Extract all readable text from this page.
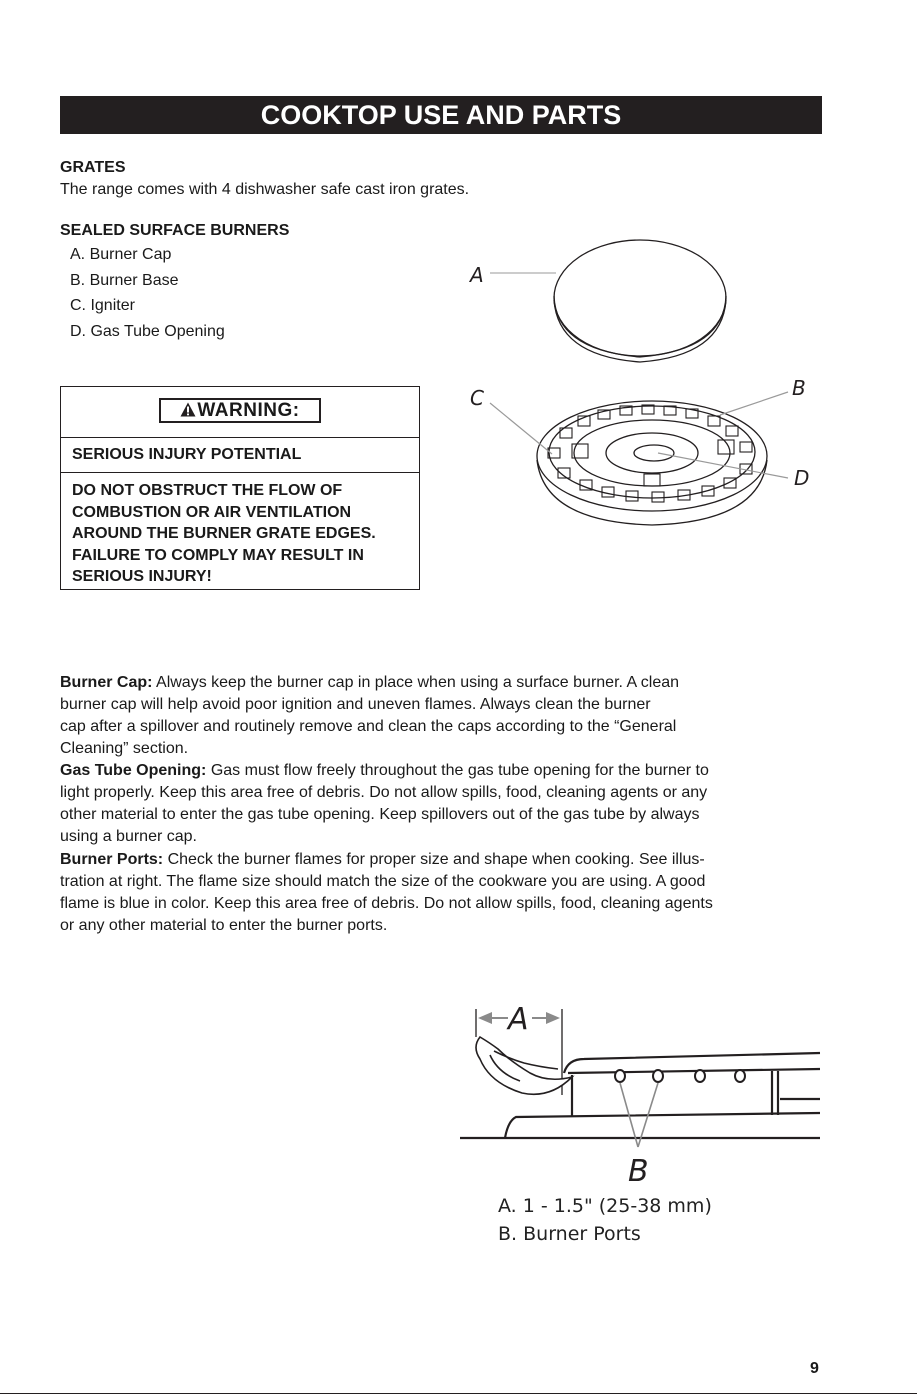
COOKTOP USE AND PARTS
GRATES
The range comes with 4 dishwasher safe cast iron grates.
SEALED SURFACE BURNERS
A. Burner Cap
B. Burner Base
C. Igniter
D. Gas Tube Opening
WARNING:
SERIOUS INJURY POTENTIAL
DO NOT OBSTRUCT THE FLOW OF
COMBUSTION OR AIR VENTILATION
AROUND THE BURNER GRATE EDGES.
FAILURE TO COMPLY MAY RESULT IN
SERIOUS INJURY!
A
C	B
D
Burner Cap: Always keep the burner cap in place when using a surface burner. A clean
burner cap will help avoid poor ignition and uneven flames. Always clean the burner
cap after a spillover and routinely remove and clean the caps according to the “General
Cleaning” section.
Gas Tube Opening: Gas must flow freely throughout the gas tube opening for the burner to
light properly. Keep this area free of debris. Do not allow spills, food, cleaning agents or any
other material to enter the gas tube opening. Keep spillovers out of the gas tube by always
using a burner cap.
Burner Ports: Check the burner flames for proper size and shape when cooking. See illus-
tration at right. The flame size should match the size of the cookware you are using. A good
flame is blue in color. Keep this area free of debris. Do not allow spills, food, cleaning agents
or any other material to enter the burner ports.
A
B
A. 1 - 1.5" (25-38 mm)
B. Burner Ports
9
